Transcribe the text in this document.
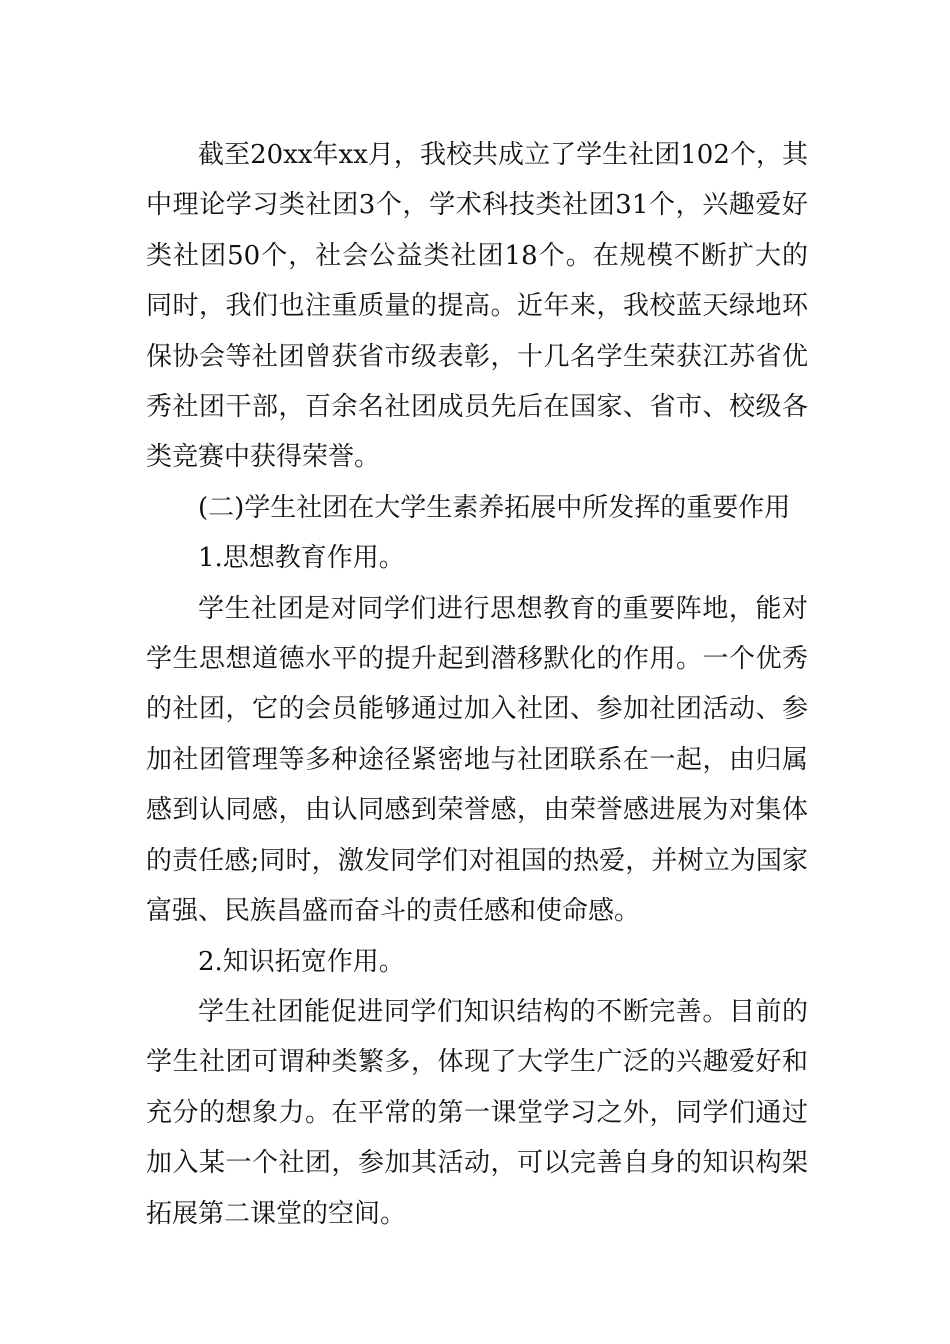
截至20xx年xx月，我校共成立了学生社团102个，其中理论学习类社团3个，学术科技类社团31个，兴趣爱好类社团50个，社会公益类社团18个。在规模不断扩大的同时，我们也注重质量的提高。近年来，我校蓝天绿地环保协会等社团曾获省市级表彰，十几名学生荣获江苏省优秀社团干部，百余名社团成员先后在国家、省市、校级各类竞赛中获得荣誉。

(二)学生社团在大学生素养拓展中所发挥的重要作用

1.思想教育作用。

学生社团是对同学们进行思想教育的重要阵地，能对学生思想道德水平的提升起到潜移默化的作用。一个优秀的社团，它的会员能够通过加入社团、参加社团活动、参加社团管理等多种途径紧密地与社团联系在一起，由归属感到认同感，由认同感到荣誉感，由荣誉感进展为对集体的责任感;同时，激发同学们对祖国的热爱，并树立为国家富强、民族昌盛而奋斗的责任感和使命感。

2.知识拓宽作用。

学生社团能促进同学们知识结构的不断完善。目前的学生社团可谓种类繁多，体现了大学生广泛的兴趣爱好和充分的想象力。在平常的第一课堂学习之外，同学们通过加入某一个社团，参加其活动，可以完善自身的知识构架拓展第二课堂的空间。
